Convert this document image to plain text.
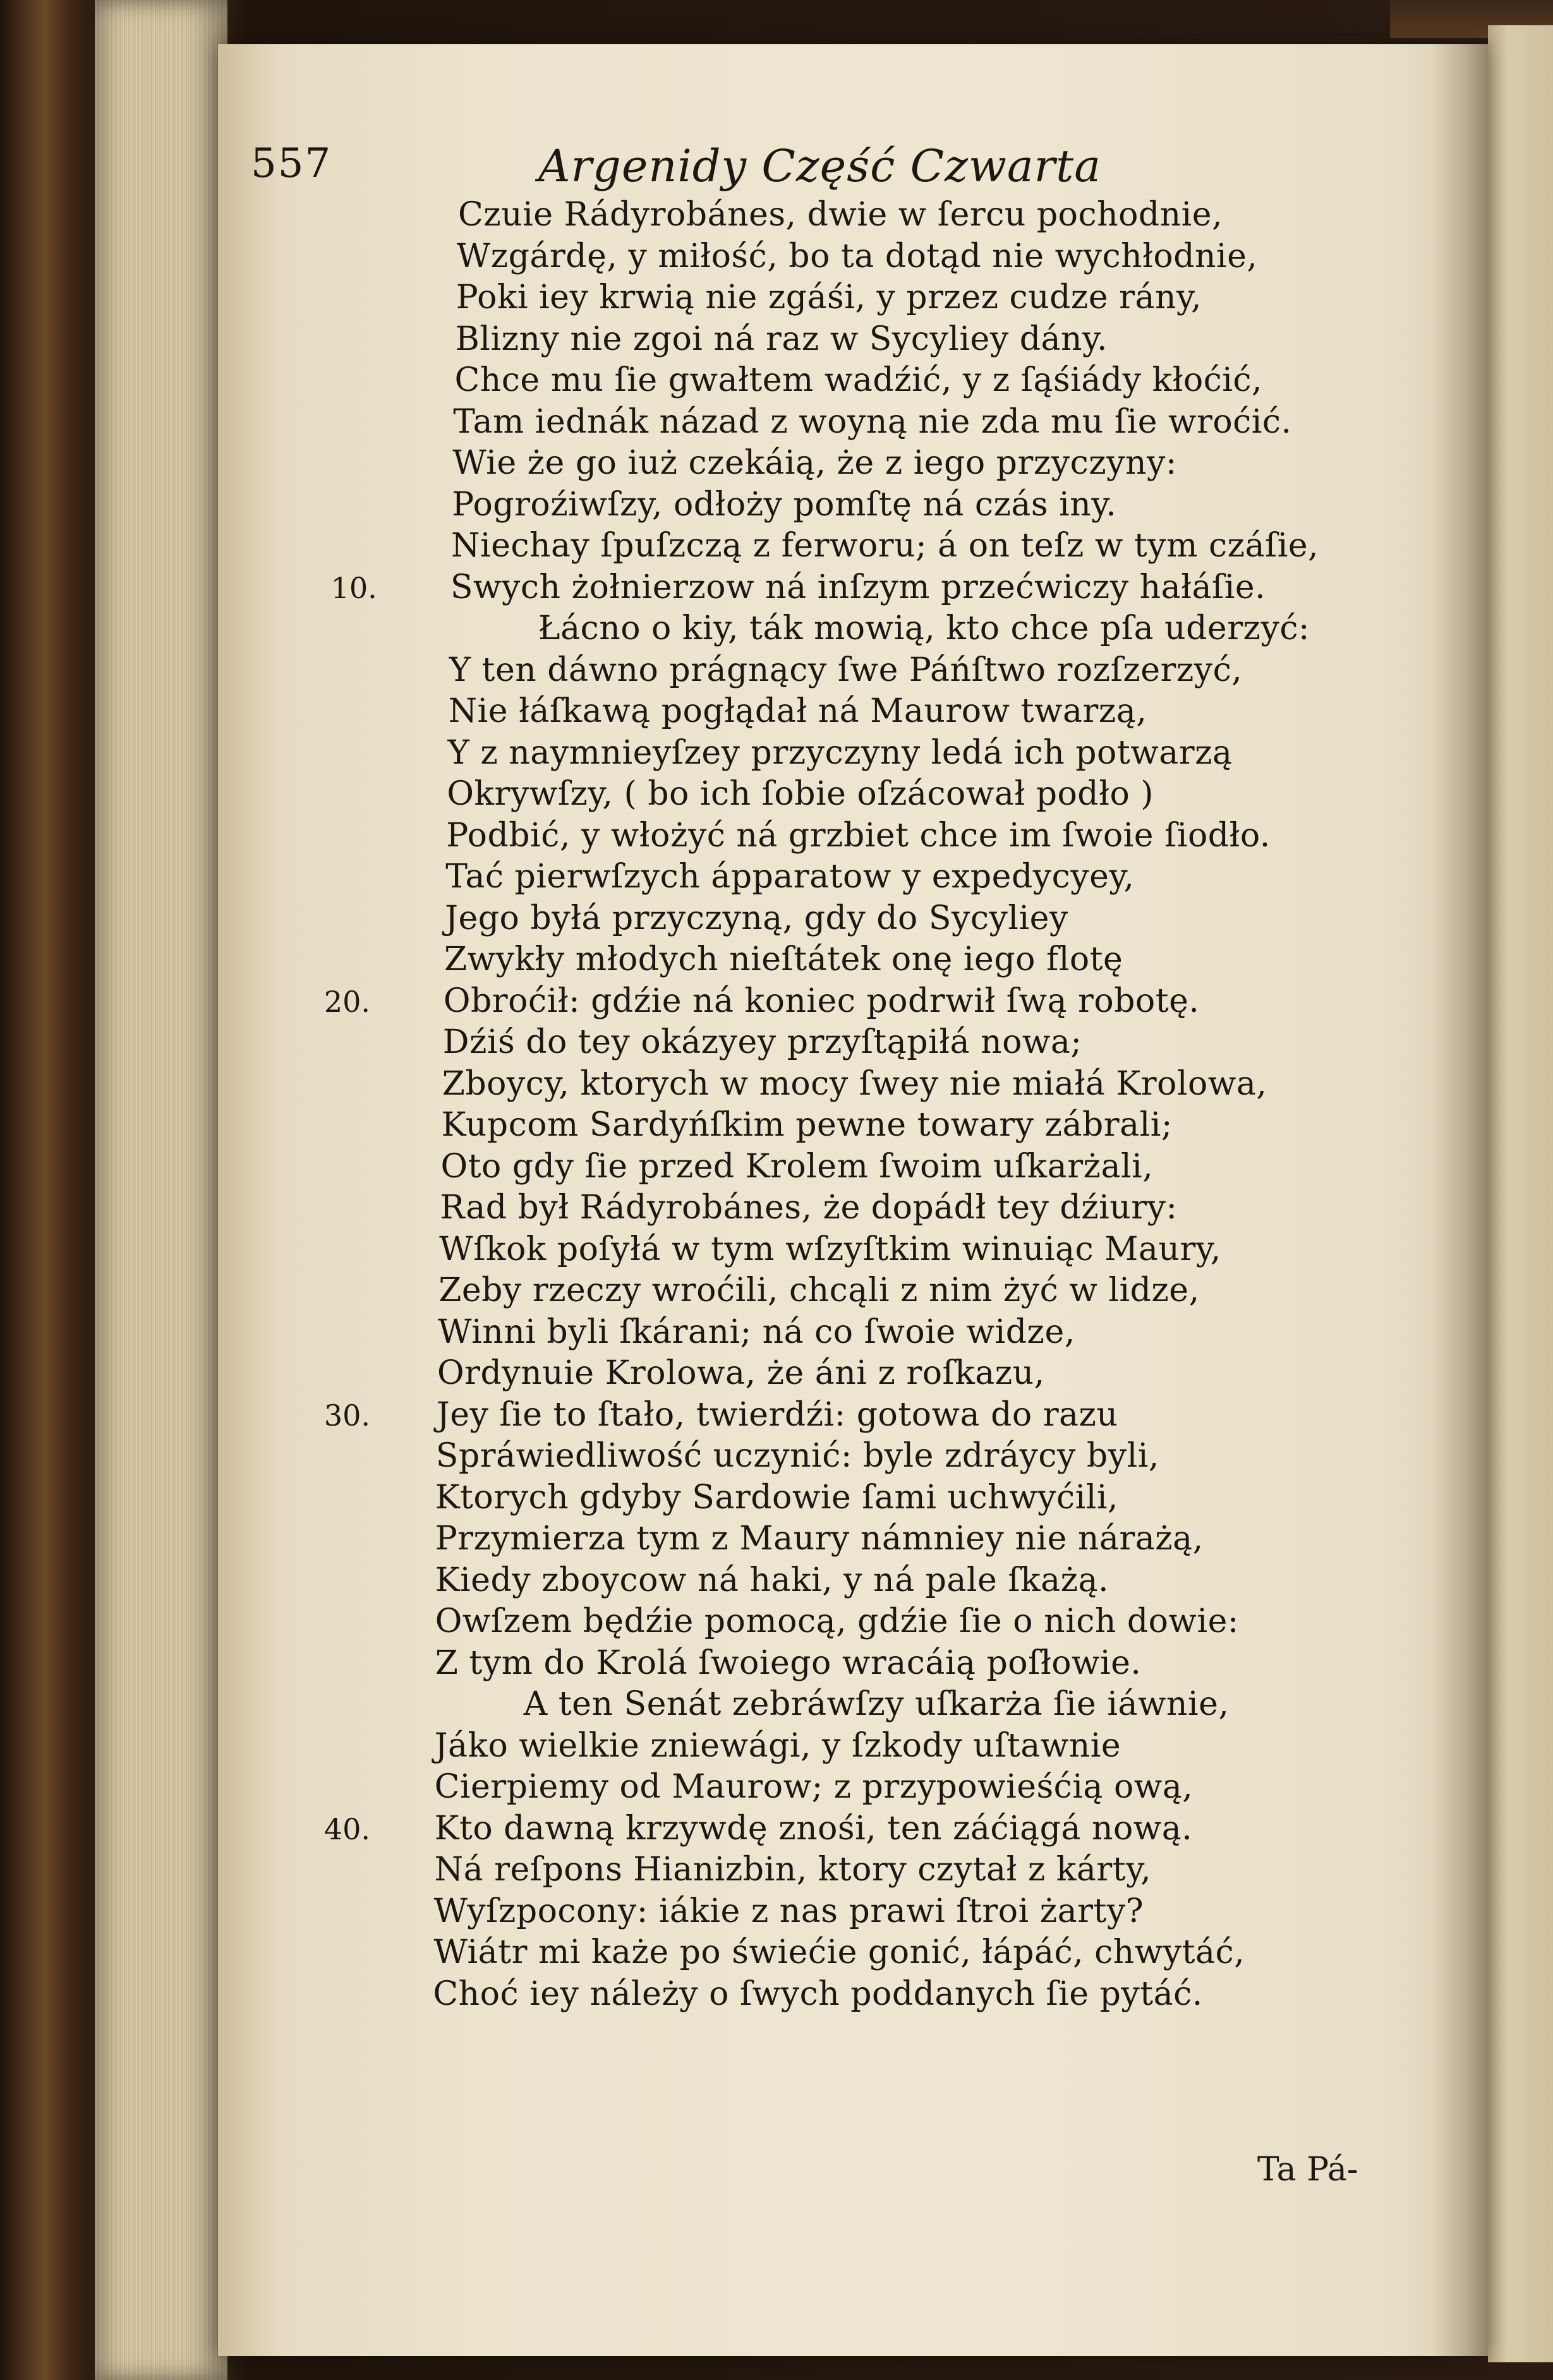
557	Argenidy Część Czwarta
Czuie Rádyrobánes, dwie w ſercu pochodnie,
Wzgárdę, y miłość, bo ta dotąd nie wychłodnie,
Poki iey krwią nie zgáśi, y przez cudze rány,
Blizny nie zgoi ná raz w Sycyliey dány.
Chce mu ſie gwałtem wadźić, y z ſąśiády kłoćić,
Tam iednák názad z woyną nie zda mu ſie wroćić.
Wie że go iuż czekáią, że z iego przyczyny:
Pogroźiwſzy, odłoży pomſtę ná czás iny.
Niechay ſpuſzczą z ferworu; á on teſz w tym czáſie,
10. Swych żołnierzow ná inſzym przećwiczy hałáſie.
Łácno o kiy, ták mowią, kto chce pſa uderzyć:
Y ten dáwno prágnący ſwe Páńſtwo rozſzerzyć,
Nie łáſkawą pogłądał ná Maurow twarzą,
Y z naymnieyſzey przyczyny ledá ich potwarzą
Okrywſzy, ( bo ich ſobie oſzácował podło )
Podbić, y włożyć ná grzbiet chce im ſwoie ſiodło.
Tać pierwſzych ápparatow y expedycyey,
Jego byłá przyczyną, gdy do Sycyliey
Zwykły młodych nieſtátek onę iego flotę
20. Obroćił: gdźie ná koniec podrwił ſwą robotę.
Dźiś do tey okázyey przyſtąpiłá nowa;
Zboycy, ktorych w mocy ſwey nie miałá Krolowa,
Kupcom Sardyńſkim pewne towary zábrali;
Oto gdy ſie przed Krolem ſwoim uſkarżali,
Rad był Rádyrobánes, że dopádł tey dźiury:
Wſkok poſyłá w tym wſzyſtkim winuiąc Maury,
Zeby rzeczy wroćili, chcąli z nim żyć w lidze,
Winni byli ſkárani; ná co ſwoie widze,
Ordynuie Krolowa, że áni z roſkazu,
30. Jey ſie to ſtało, twierdźi: gotowa do razu
Spráwiedliwość uczynić: byle zdráycy byli,
Ktorych gdyby Sardowie ſami uchwyćili,
Przymierza tym z Maury námniey nie nárażą,
Kiedy zboycow ná haki, y ná pale ſkażą.
Owſzem będźie pomocą, gdźie ſie o nich dowie:
Z tym do Krolá ſwoiego wracáią poſłowie.
A ten Senát zebráwſzy uſkarża ſie iáwnie,
Jáko wielkie zniewági, y ſzkody uſtawnie
Cierpiemy od Maurow; z przypowieśćią ową,
40. Kto dawną krzywdę znośi, ten záćiągá nową.
Ná reſpons Hianizbin, ktory czytał z kárty,
Wyſzpocony: iákie z nas prawi ſtroi żarty?
Wiátr mi każe po świećie gonić, łápáć, chwytáć,
Choć iey náleży o ſwych poddanych ſie pytáć.
Ta Pá-
